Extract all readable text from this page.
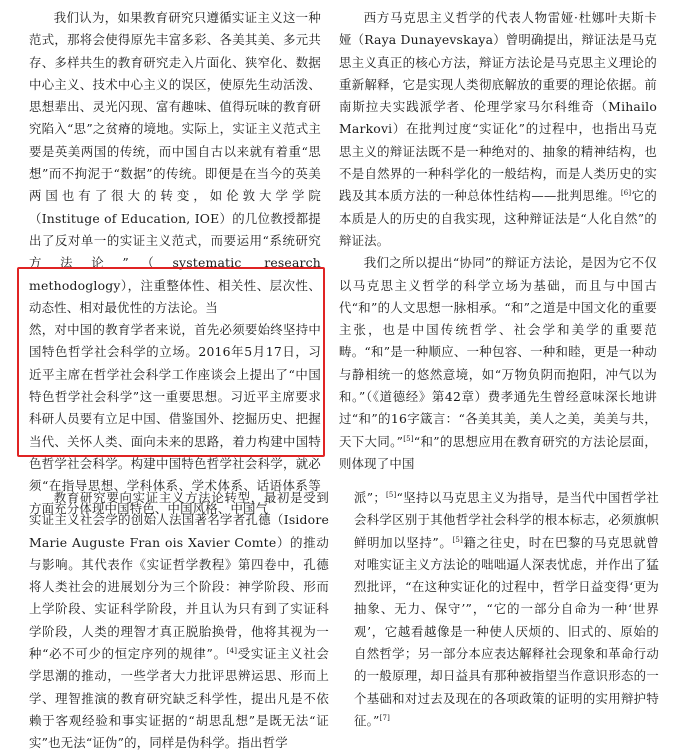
我们认为，如果教育研究只遵循实证主义这一种范式，那将会使得原先丰富多彩、各美其美、多元共存、多样共生的教育研究走入片面化、狭窄化、数据中心主义、技术中心主义的误区，使原先生动活泼、思想辈出、灵光闪现、富有趣味、值得玩味的教育研究陷入“思”之贫瘠的境地。实际上，实证主义范式主要是英美两国的传统，而中国自古以来就有着重“思想”而不拘泥于“数据”的传统。即便是在当今的英美两国也有了很大的转变，如伦敦大学学院（Instituge of Education, IOE）的几位教授都提出了反对单一的实证主义范式，而要运用“系统研究方法论”（systematic research methodoglogy），注重整体性、相关性、层次性、动态性、相对最优性的方法论。当

然，对中国的教育学者来说，首先必须要始终坚持中国特色哲学社会科学的立场。2016年5月17日，习近平主席在哲学社会科学工作座谈会上提出了“中国特色哲学社会科学”这一重要思想。习近平主席要求科研人员要有立足中国、借鉴国外、挖掘历史、把握当代、关怀人类、面向未来的思路，着力构建中国特色哲学社会科学。构建中国特色哲学社会科学，就必须“在指导思想、学科体系、学术体系、话语体系等方面充分体现中国特色、中国风格、中国气

西方马克思主义哲学的代表人物雷娅·杜娜叶夫斯卡娅（Raya Dunayevskaya）曾明确提出，辩证法是马克思主义真正的核心方法，辩证方法论是马克思主义理论的重新解释，它是实现人类彻底解放的重要的理论依据。前南斯拉夫实践派学者、伦理学家马尔科维奇（Mihailo Markovi）在批判过度“实证化”的过程中，也指出马克思主义的辩证法既不是一种绝对的、抽象的精神结构，也不是自然界的一种科学化的一般结构，而是人类历史的实践及其本质方法的一种总体性结构——批判思维。[6]它的本质是人的历史的自我实现，这种辩证法是“人化自然”的辩证法。

我们之所以提出“协同”的辩证方法论，是因为它不仅以马克思主义哲学的科学立场为基础，而且与中国古代“和”的人文思想一脉相承。“和”之道是中国文化的重要主张，也是中国传统哲学、社会学和美学的重要范畴。“和”是一种顺应、一种包容、一种和睦，更是一种动与静相统一的悠然意境，如“万物负阴而抱阳，冲气以为和。”（《道德经》第42章）费孝通先生曾经意味深长地讲过“和”的16字箴言：“各美其美，美人之美，美美与共，天下大同。”[5]“和”的思想应用在教育研究的方法论层面，则体现了中国

教育研究要向实证主义方法论转型，最初是受到实证主义社会学的创始人法国著名学者孔德（Isidore Marie Auguste Fran ois Xavier Comte）的推动与影响。其代表作《实证哲学教程》第四卷中，孔德将人类社会的进展划分为三个阶段：神学阶段、形而上学阶段、实证科学阶段，并且认为只有到了实证科学阶段，人类的理智才真正脱胎换骨，他将其视为一种“必不可少的恒定序列的规律”。[4]受实证主义社会学思潮的推动，一些学者大力批评思辨运思、形而上学、理智推演的教育研究缺乏科学性，提出凡是不依赖于客观经验和事实证据的“胡思乱想”是既无法“证实”也无法“证伪”的，同样是伪科学。指出哲学

派”；[5]“坚持以马克思主义为指导，是当代中国哲学社会科学区别于其他哲学社会科学的根本标志，必须旗帜鲜明加以坚持”。[5]籍之往史，时在巴黎的马克思就曾对唯实证主义方法论的咄咄逼人深表忧虑，并作出了猛烈批评，“在这种实证化的过程中，哲学日益变得‘更为抽象、无力、保守’”，“它的一部分自命为一种‘世界观’，它越看越像是一种使人厌烦的、旧式的、原始的自然哲学；另一部分本应表达解释社会现象和革命行动的一般原理，却日益具有那种被指望当作意识形态的一个基础和对过去及现在的各项政策的证明的实用辩护特征。”[7]
